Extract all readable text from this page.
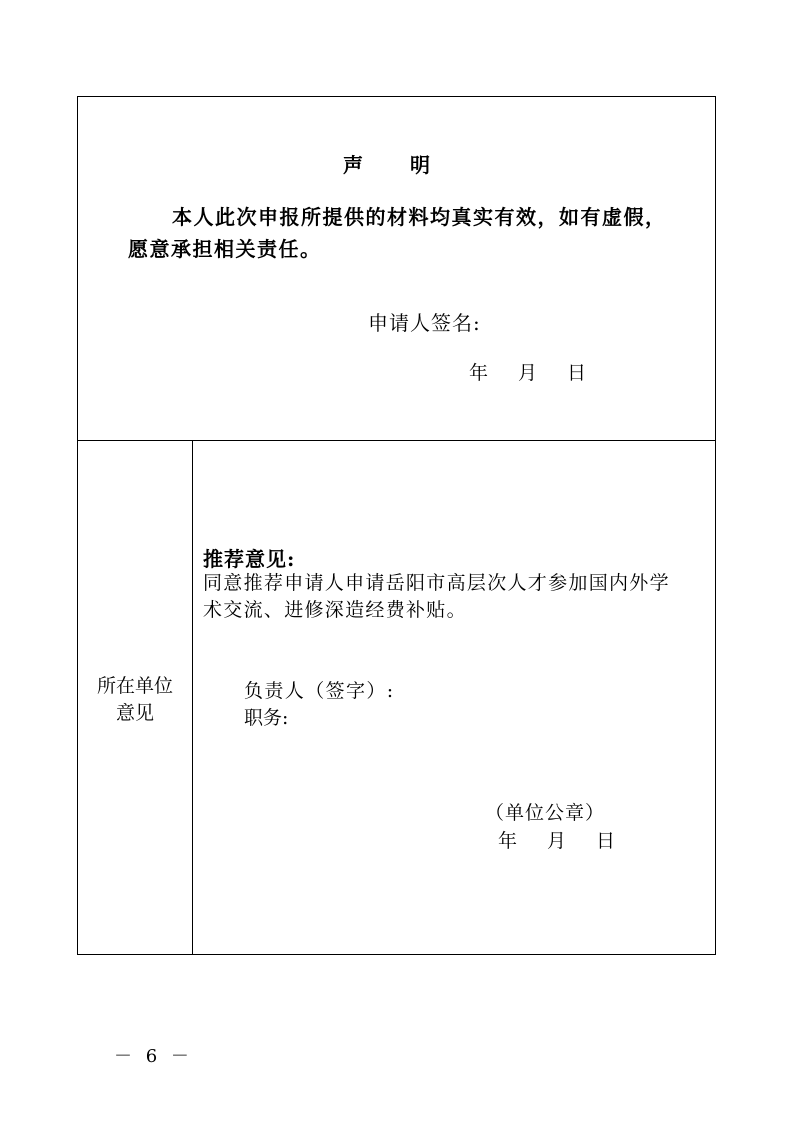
声 明
本人此次申报所提供的材料均真实有效，如有虚假，
愿意承担相关责任。
申请人签名:
年 月 日
所在单位
意见
推荐意见:
同意推荐申请人申请岳阳市高层次人才参加国内外学
术交流、进修深造经费补贴。
负责人（签字）:
职务:
（单位公章）
年 月 日
－ 6 －
